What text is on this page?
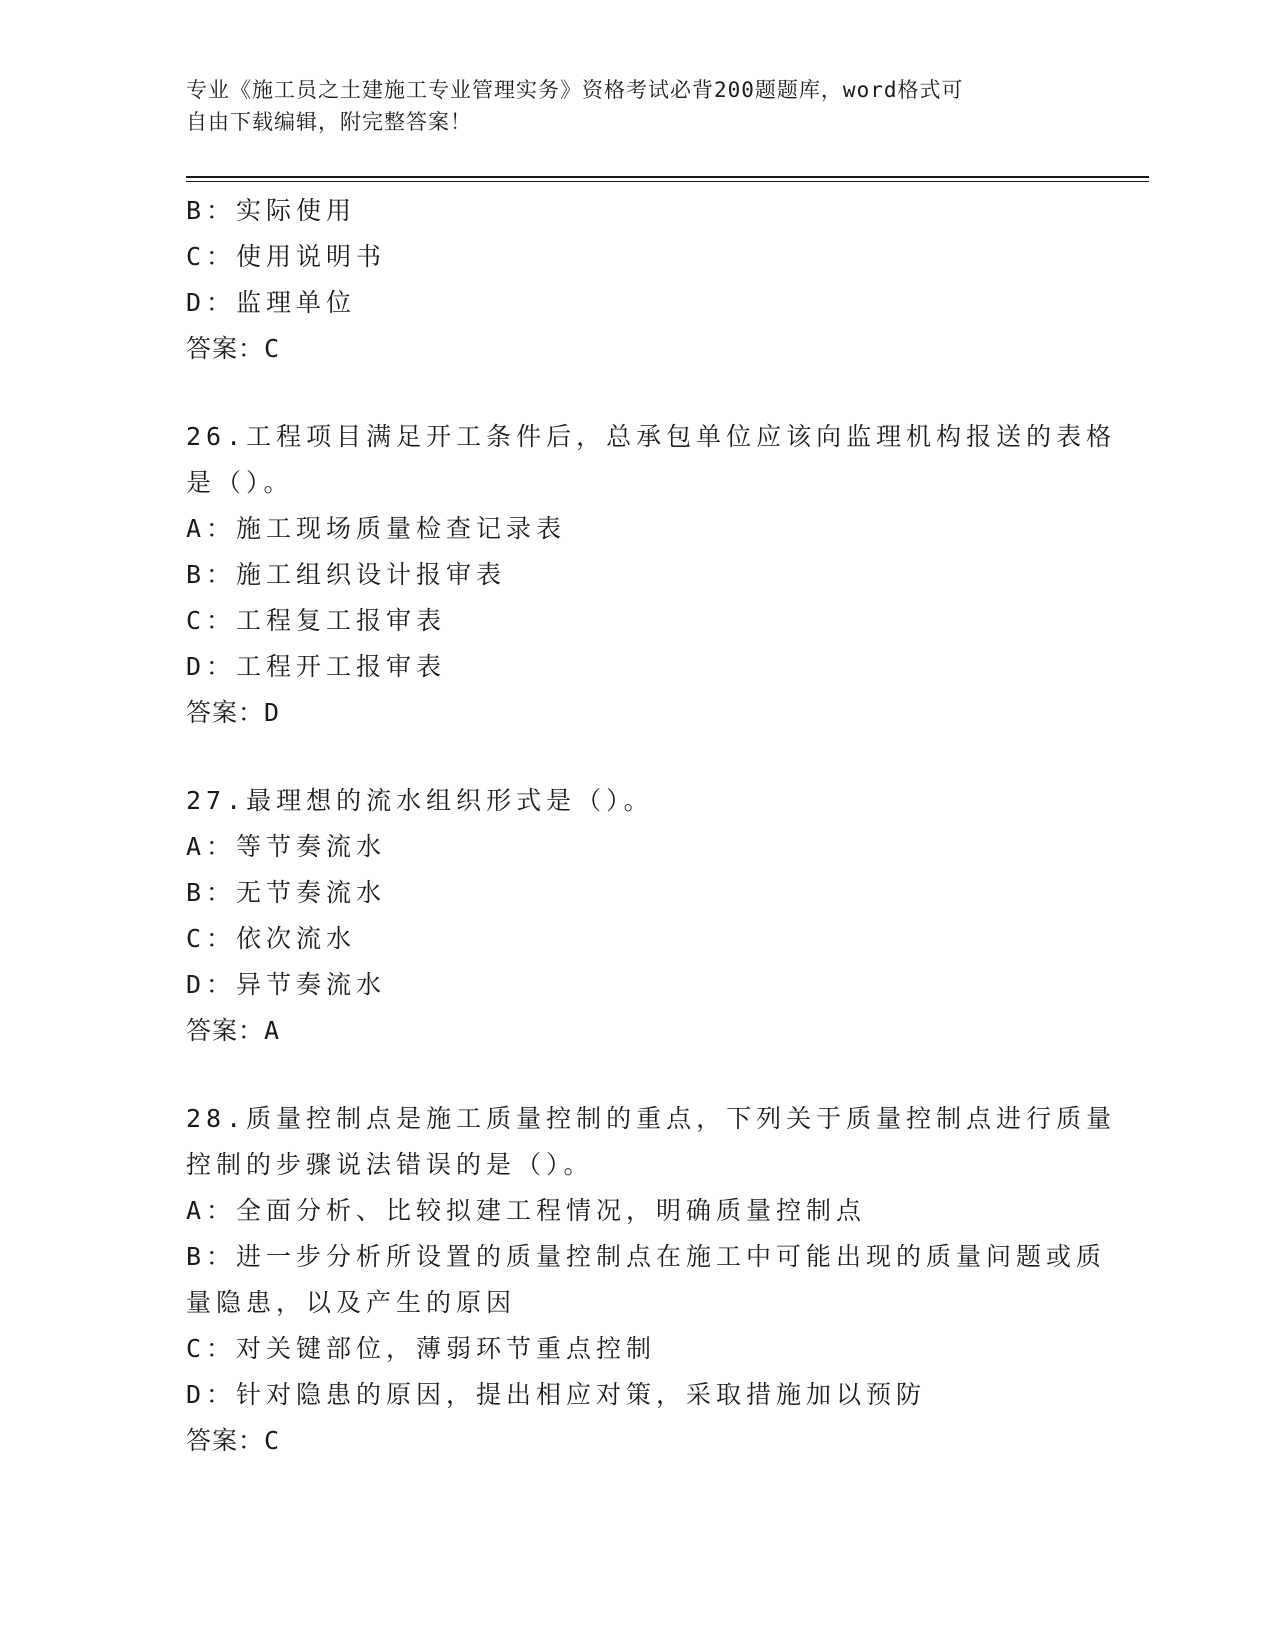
专业《施工员之土建施工专业管理实务》资格考试必背200题题库，word格式可
自由下载编辑，附完整答案！
B：实际使用
C：使用说明书
D：监理单位
答案：C
26.工程项目满足开工条件后，总承包单位应该向监理机构报送的表格
是（）。
A：施工现场质量检查记录表
B：施工组织设计报审表
C：工程复工报审表
D：工程开工报审表
答案：D
27.最理想的流水组织形式是（）。
A：等节奏流水
B：无节奏流水
C：依次流水
D：异节奏流水
答案：A
28.质量控制点是施工质量控制的重点，下列关于质量控制点进行质量
控制的步骤说法错误的是（）。
A：全面分析、比较拟建工程情况，明确质量控制点
B：进一步分析所设置的质量控制点在施工中可能出现的质量问题或质
量隐患，以及产生的原因
C：对关键部位，薄弱环节重点控制
D：针对隐患的原因，提出相应对策，采取措施加以预防
答案：C
